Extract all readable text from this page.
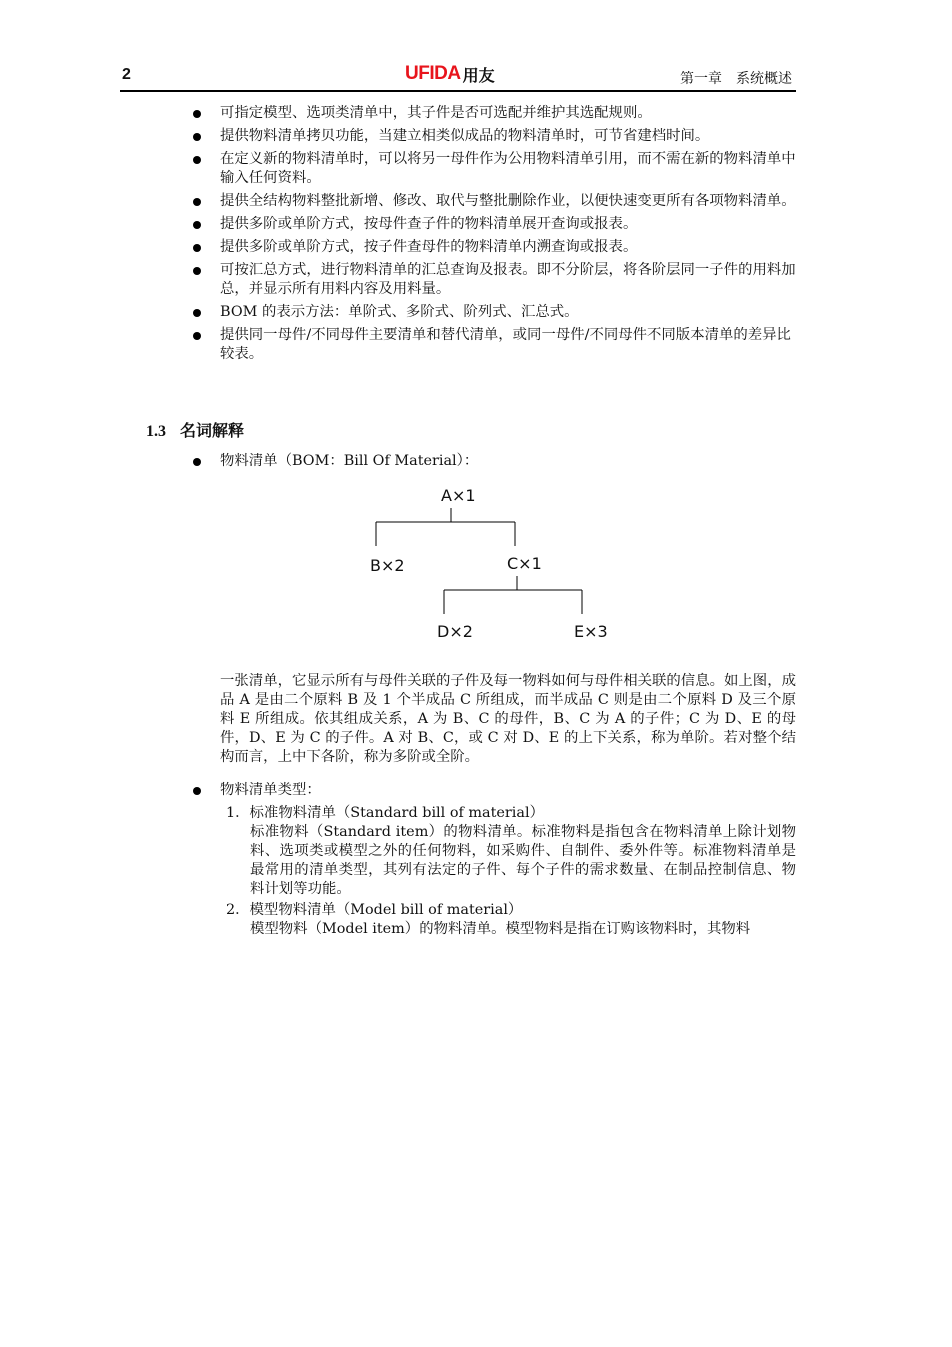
2	UFIDA 用友	第一章　系统概述
可指定模型、选项类清单中，其子件是否可选配并维护其选配规则。
提供物料清单拷贝功能，当建立相类似成品的物料清单时，可节省建档时间。
在定义新的物料清单时，可以将另一母件作为公用物料清单引用，而不需在新的物料清单中输入任何资料。
提供全结构物料整批新增、修改、取代与整批删除作业，以便快速变更所有各项物料清单。
提供多阶或单阶方式，按母件查子件的物料清单展开查询或报表。
提供多阶或单阶方式，按子件查母件的物料清单内溯查询或报表。
可按汇总方式，进行物料清单的汇总查询及报表。即不分阶层，将各阶层同一子件的用料加总，并显示所有用料内容及用料量。
BOM 的表示方法：单阶式、多阶式、阶列式、汇总式。
提供同一母件/不同母件主要清单和替代清单，或同一母件/不同母件不同版本清单的差异比较表。
1.3 名词解释
物料清单（BOM：Bill Of Material）：
A×1
B×2	C×1
D×2	E×3
一张清单，它显示所有与母件关联的子件及每一物料如何与母件相关联的信息。如上图，成品 A 是由二个原料 B 及 1 个半成品 C 所组成，而半成品 C 则是由二个原料 D 及三个原料 E 所组成。依其组成关系，A 为 B、C 的母件，B、C 为 A 的子件；C 为 D、E 的母件，D、E 为 C 的子件。A 对 B、C，或 C 对 D、E 的上下关系，称为单阶。若对整个结构而言，上中下各阶，称为多阶或全阶。
物料清单类型：
1．标准物料清单（Standard bill of material）
标准物料（Standard item）的物料清单。标准物料是指包含在物料清单上除计划物料、选项类或模型之外的任何物料，如采购件、自制件、委外件等。标准物料清单是最常用的清单类型，其列有法定的子件、每个子件的需求数量、在制品控制信息、物料计划等功能。
2．模型物料清单（Model bill of material）
模型物料（Model item）的物料清单。模型物料是指在订购该物料时，其物料
